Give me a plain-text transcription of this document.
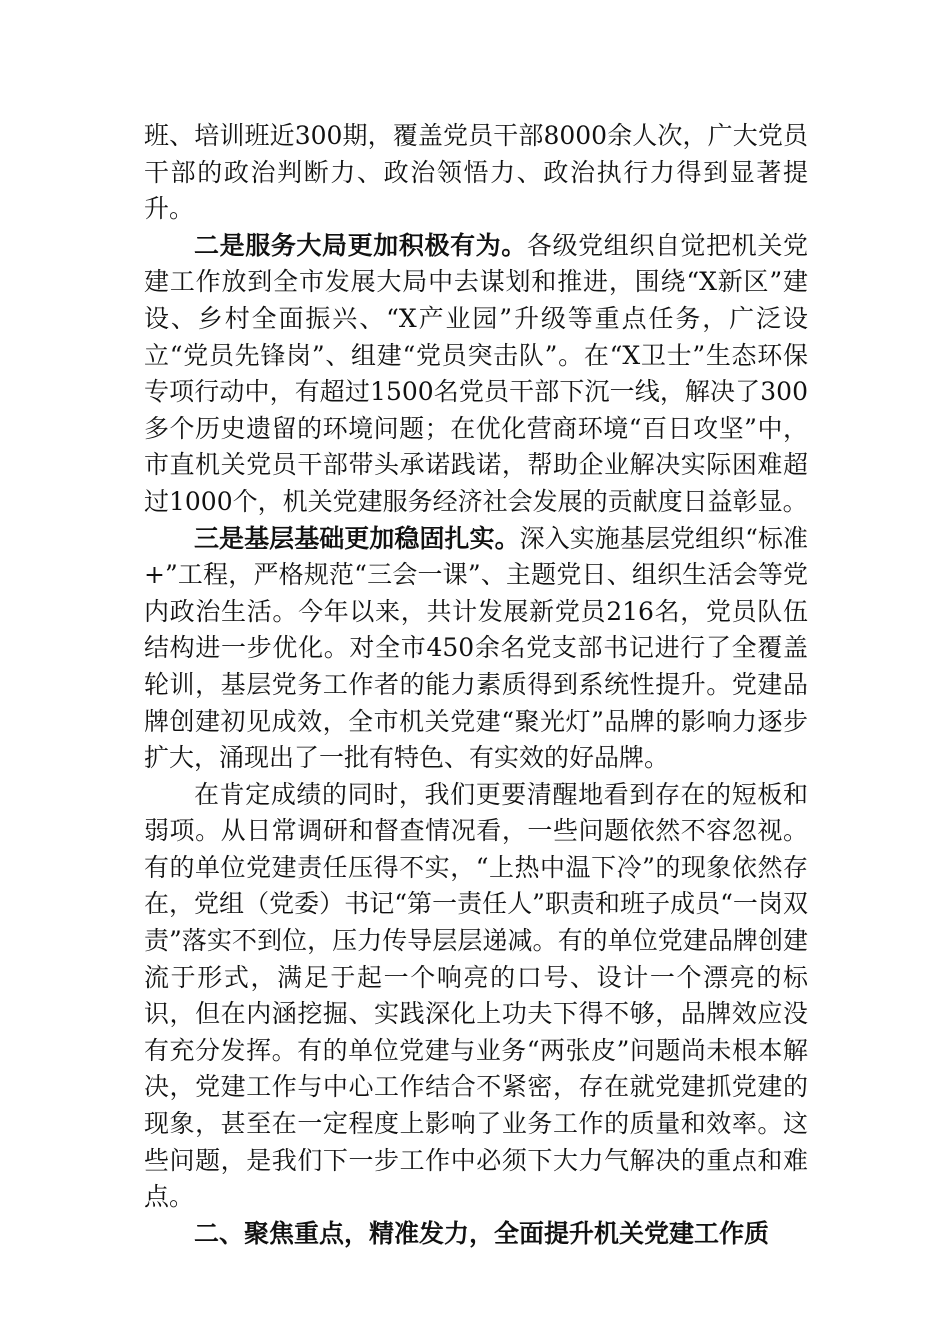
班、培训班近300期，覆盖党员干部8000余人次，广大党员干部的政治判断力、政治领悟力、政治执行力得到显著提升。

二是服务大局更加积极有为。各级党组织自觉把机关党建工作放到全市发展大局中去谋划和推进，围绕“X新区”建设、乡村全面振兴、“X产业园”升级等重点任务，广泛设立“党员先锋岗”、组建“党员突击队”。在“X卫士”生态环保专项行动中，有超过1500名党员干部下沉一线，解决了300多个历史遗留的环境问题；在优化营商环境“百日攻坚”中，市直机关党员干部带头承诺践诺，帮助企业解决实际困难超过1000个，机关党建服务经济社会发展的贡献度日益彰显。

三是基层基础更加稳固扎实。深入实施基层党组织“标准+”工程，严格规范“三会一课”、主题党日、组织生活会等党内政治生活。今年以来，共计发展新党员216名，党员队伍结构进一步优化。对全市450余名党支部书记进行了全覆盖轮训，基层党务工作者的能力素质得到系统性提升。党建品牌创建初见成效，全市机关党建“聚光灯”品牌的影响力逐步扩大，涌现出了一批有特色、有实效的好品牌。

在肯定成绩的同时，我们更要清醒地看到存在的短板和弱项。从日常调研和督查情况看，一些问题依然不容忽视。有的单位党建责任压得不实，“上热中温下冷”的现象依然存在，党组（党委）书记“第一责任人”职责和班子成员“一岗双责”落实不到位，压力传导层层递减。有的单位党建品牌创建流于形式，满足于起一个响亮的口号、设计一个漂亮的标识，但在内涵挖掘、实践深化上功夫下得不够，品牌效应没有充分发挥。有的单位党建与业务“两张皮”问题尚未根本解决，党建工作与中心工作结合不紧密，存在就党建抓党建的现象，甚至在一定程度上影响了业务工作的质量和效率。这些问题，是我们下一步工作中必须下大力气解决的重点和难点。

二、聚焦重点，精准发力，全面提升机关党建工作质
